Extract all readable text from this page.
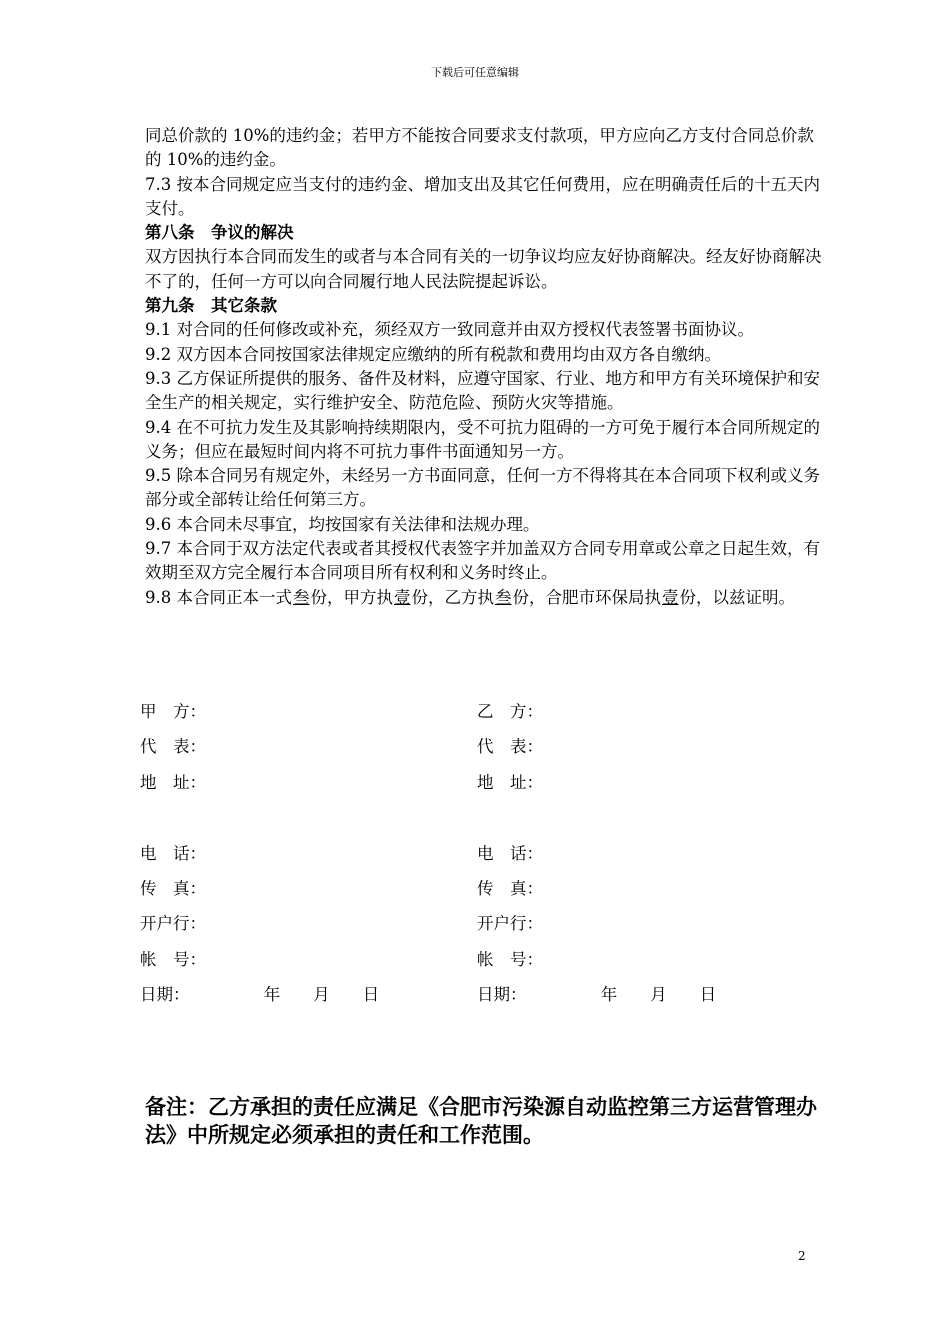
下载后可任意编辑

同总价款的 10%的违约金；若甲方不能按合同要求支付款项，甲方应向乙方支付合同总价款的 10%的违约金。

7.3 按本合同规定应当支付的违约金、增加支出及其它任何费用，应在明确责任后的十五天内支付。

第八条　争议的解决

双方因执行本合同而发生的或者与本合同有关的一切争议均应友好协商解决。经友好协商解决不了的，任何一方可以向合同履行地人民法院提起诉讼。

第九条　其它条款

9.1 对合同的任何修改或补充，须经双方一致同意并由双方授权代表签署书面协议。

9.2 双方因本合同按国家法律规定应缴纳的所有税款和费用均由双方各自缴纳。

9.3 乙方保证所提供的服务、备件及材料，应遵守国家、行业、地方和甲方有关环境保护和安全生产的相关规定，实行维护安全、防范危险、预防火灾等措施。

9.4 在不可抗力发生及其影响持续期限内，受不可抗力阻碍的一方可免于履行本合同所规定的义务；但应在最短时间内将不可抗力事件书面通知另一方。

9.5 除本合同另有规定外，未经另一方书面同意，任何一方不得将其在本合同项下权利或义务部分或全部转让给任何第三方。

9.6 本合同未尽事宜，均按国家有关法律和法规办理。

9.7 本合同于双方法定代表或者其授权代表签字并加盖双方合同专用章或公章之日起生效，有效期至双方完全履行本合同项目所有权利和义务时终止。

9.8 本合同正本一式叁份，甲方执壹份，乙方执叁份，合肥市环保局执壹份，以兹证明。

甲　方：	乙　方：
代　表：	代　表：
地　址：	地　址：
电　话：	电　话：
传　真：	传　真：
开户行：	开户行：
帐　号：	帐　号：
日期：　　　　　年　　月　　日	日期：　　　　　年　　月　　日
备注：乙方承担的责任应满足《合肥市污染源自动监控第三方运营管理办法》中所规定必须承担的责任和工作范围。
2
